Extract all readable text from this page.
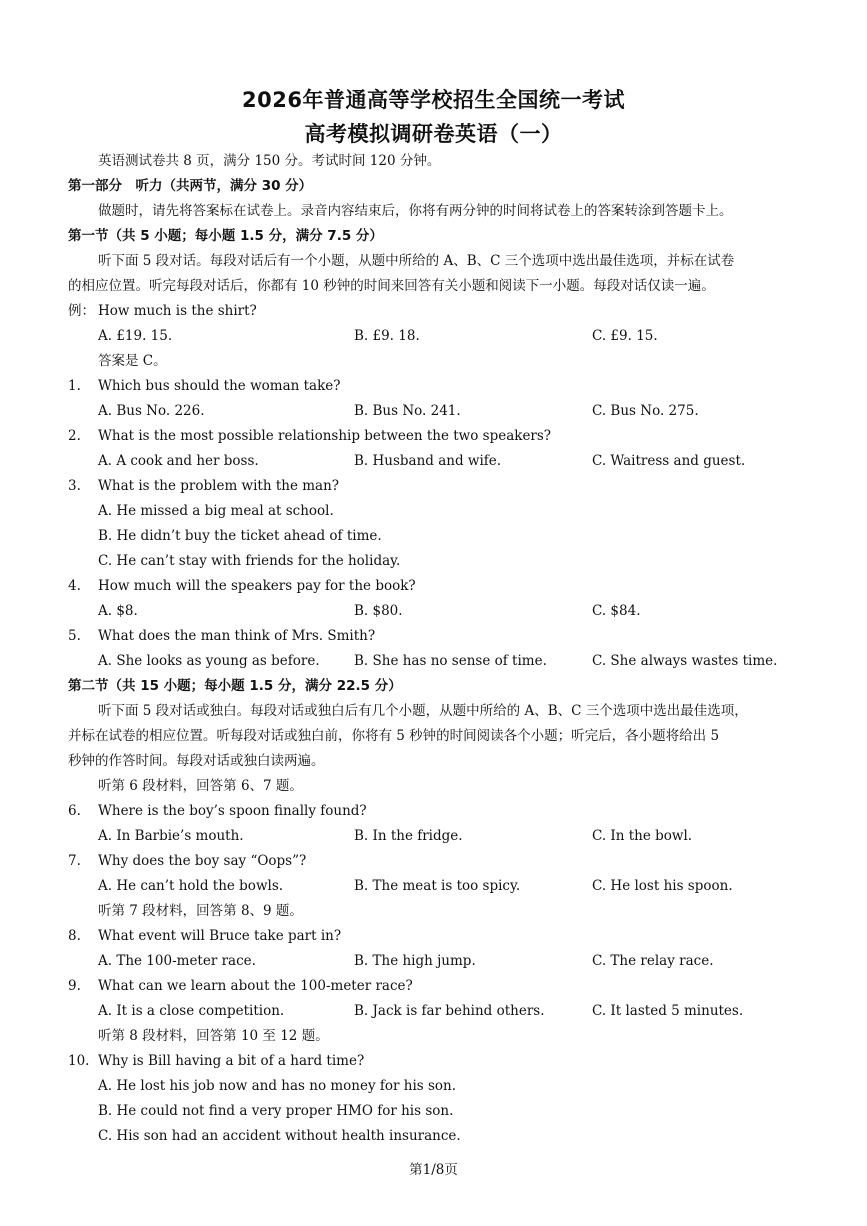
2026年普通高等学校招生全国统一考试
高考模拟调研卷英语（一）
英语测试卷共 8 页，满分 150 分。考试时间 120 分钟。
第一部分　听力（共两节，满分 30 分）
做题时，请先将答案标在试卷上。录音内容结束后，你将有两分钟的时间将试卷上的答案转涂到答题卡上。
第一节（共 5 小题；每小题 1.5 分，满分 7.5 分）
听下面 5 段对话。每段对话后有一个小题，从题中所给的 A、B、C 三个选项中选出最佳选项，并标在试卷
的相应位置。听完每段对话后，你都有 10 秒钟的时间来回答有关小题和阅读下一小题。每段对话仅读一遍。
例： How much is the shirt?
A. £19. 15.	B. £9. 18.	C. £9. 15.
答案是 C。
1. Which bus should the woman take?
A. Bus No. 226.	B. Bus No. 241.	C. Bus No. 275.
2. What is the most possible relationship between the two speakers?
A. A cook and her boss.	B. Husband and wife.	C. Waitress and guest.
3. What is the problem with the man?
A. He missed a big meal at school.
B. He didn’t buy the ticket ahead of time.
C. He can’t stay with friends for the holiday.
4. How much will the speakers pay for the book?
A. $8.	B. $80.	C. $84.
5. What does the man think of Mrs. Smith?
A. She looks as young as before.	B. She has no sense of time.	C. She always wastes time.
第二节（共 15 小题；每小题 1.5 分，满分 22.5 分）
听下面 5 段对话或独白。每段对话或独白后有几个小题，从题中所给的 A、B、C 三个选项中选出最佳选项，
并标在试卷的相应位置。听每段对话或独白前，你将有 5 秒钟的时间阅读各个小题；听完后，各小题将给出 5
秒钟的作答时间。每段对话或独白读两遍。
听第 6 段材料，回答第 6、7 题。
6. Where is the boy’s spoon finally found?
A. In Barbie’s mouth.	B. In the fridge.	C. In the bowl.
7. Why does the boy say “Oops”?
A. He can’t hold the bowls.	B. The meat is too spicy.	C. He lost his spoon.
听第 7 段材料，回答第 8、9 题。
8. What event will Bruce take part in?
A. The 100-meter race.	B. The high jump.	C. The relay race.
9. What can we learn about the 100-meter race?
A. It is a close competition.	B. Jack is far behind others.	C. It lasted 5 minutes.
听第 8 段材料，回答第 10 至 12 题。
10. Why is Bill having a bit of a hard time?
A. He lost his job now and has no money for his son.
B. He could not find a very proper HMO for his son.
C. His son had an accident without health insurance.
第1/8页
